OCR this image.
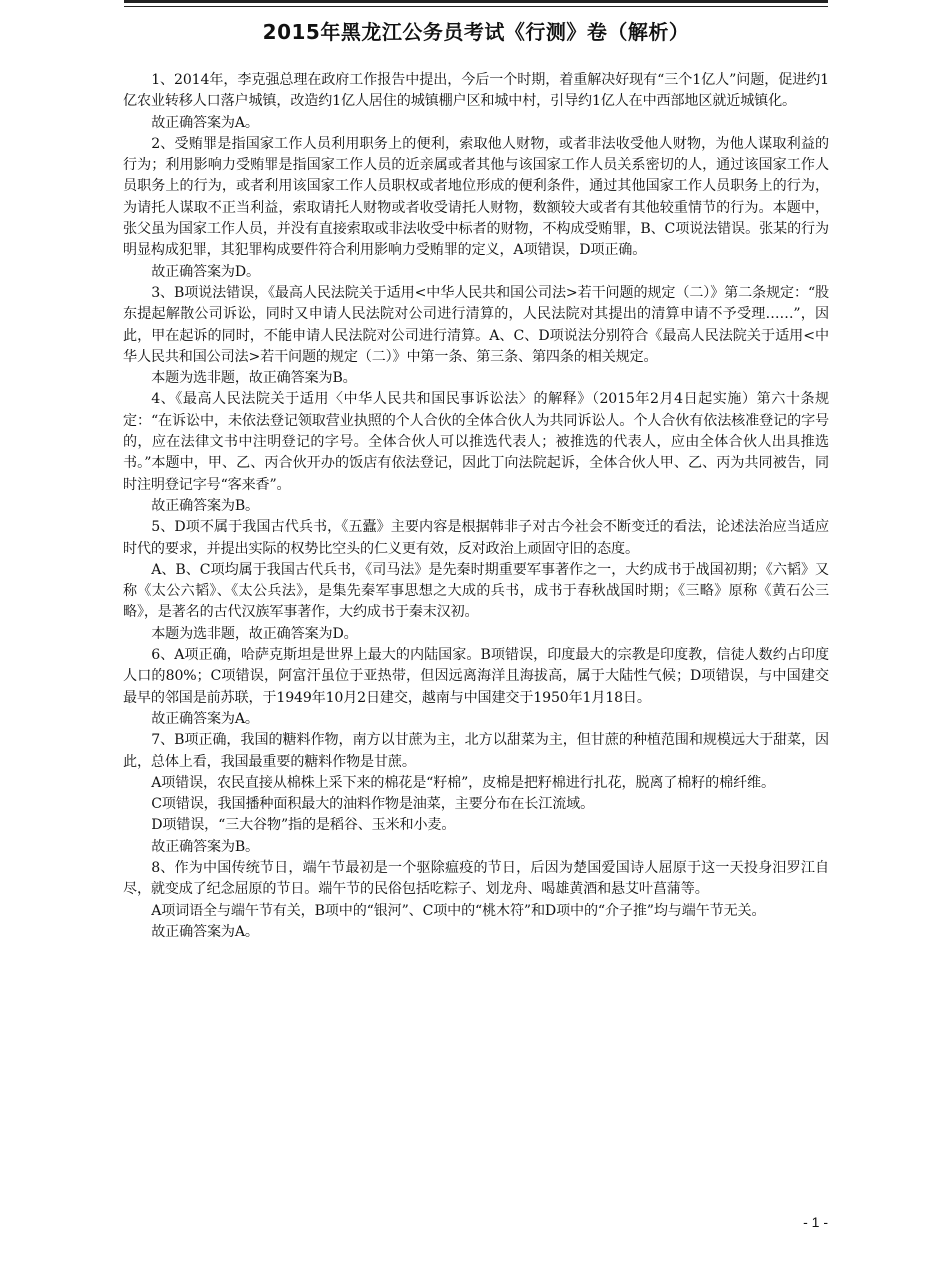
2015年黑龙江公务员考试《行测》卷（解析）

1、2014年，李克强总理在政府工作报告中提出，今后一个时期，着重解决好现有“三个1亿人”问题，促进约1亿农业转移人口落户城镇，改造约1亿人居住的城镇棚户区和城中村，引导约1亿人在中西部地区就近城镇化。

故正确答案为A。

2、受贿罪是指国家工作人员利用职务上的便利，索取他人财物，或者非法收受他人财物，为他人谋取利益的行为；利用影响力受贿罪是指国家工作人员的近亲属或者其他与该国家工作人员关系密切的人，通过该国家工作人员职务上的行为，或者利用该国家工作人员职权或者地位形成的便利条件，通过其他国家工作人员职务上的行为，为请托人谋取不正当利益，索取请托人财物或者收受请托人财物，数额较大或者有其他较重情节的行为。本题中，张父虽为国家工作人员，并没有直接索取或非法收受中标者的财物，不构成受贿罪，B、C项说法错误。张某的行为明显构成犯罪，其犯罪构成要件符合利用影响力受贿罪的定义，A项错误，D项正确。

故正确答案为D。

3、B项说法错误，《最高人民法院关于适用<中华人民共和国公司法>若干问题的规定（二）》第二条规定：“股东提起解散公司诉讼，同时又申请人民法院对公司进行清算的，人民法院对其提出的清算申请不予受理……”，因此，甲在起诉的同时，不能申请人民法院对公司进行清算。A、C、D项说法分别符合《最高人民法院关于适用<中华人民共和国公司法>若干问题的规定（二）》中第一条、第三条、第四条的相关规定。

本题为选非题，故正确答案为B。

4、《最高人民法院关于适用〈中华人民共和国民事诉讼法〉的解释》（2015年2月4日起实施）第六十条规定：“在诉讼中，未依法登记领取营业执照的个人合伙的全体合伙人为共同诉讼人。个人合伙有依法核准登记的字号的，应在法律文书中注明登记的字号。全体合伙人可以推选代表人；被推选的代表人，应由全体合伙人出具推选书。”本题中，甲、乙、丙合伙开办的饭店有依法登记，因此丁向法院起诉，全体合伙人甲、乙、丙为共同被告，同时注明登记字号“客来香”。

故正确答案为B。

5、D项不属于我国古代兵书，《五蠹》主要内容是根据韩非子对古今社会不断变迁的看法，论述法治应当适应时代的要求，并提出实际的权势比空头的仁义更有效，反对政治上顽固守旧的态度。

A、B、C项均属于我国古代兵书，《司马法》是先秦时期重要军事著作之一，大约成书于战国初期；《六韬》又称《太公六韬》、《太公兵法》，是集先秦军事思想之大成的兵书，成书于春秋战国时期；《三略》原称《黄石公三略》，是著名的古代汉族军事著作，大约成书于秦末汉初。

本题为选非题，故正确答案为D。

6、A项正确，哈萨克斯坦是世界上最大的内陆国家。B项错误，印度最大的宗教是印度教，信徒人数约占印度人口的80%；C项错误，阿富汗虽位于亚热带，但因远离海洋且海拔高，属于大陆性气候；D项错误，与中国建交最早的邻国是前苏联，于1949年10月2日建交，越南与中国建交于1950年1月18日。

故正确答案为A。

7、B项正确，我国的糖料作物，南方以甘蔗为主，北方以甜菜为主，但甘蔗的种植范围和规模远大于甜菜，因此，总体上看，我国最重要的糖料作物是甘蔗。

A项错误，农民直接从棉株上采下来的棉花是“籽棉”，皮棉是把籽棉进行扎花，脱离了棉籽的棉纤维。

C项错误，我国播种面积最大的油料作物是油菜，主要分布在长江流域。

D项错误，“三大谷物”指的是稻谷、玉米和小麦。

故正确答案为B。

8、作为中国传统节日，端午节最初是一个驱除瘟疫的节日，后因为楚国爱国诗人屈原于这一天投身汨罗江自尽，就变成了纪念屈原的节日。端午节的民俗包括吃粽子、划龙舟、喝雄黄酒和悬艾叶菖蒲等。

A项词语全与端午节有关，B项中的“银河”、C项中的“桃木符”和D项中的“介子推”均与端午节无关。

故正确答案为A。

- 1 -
